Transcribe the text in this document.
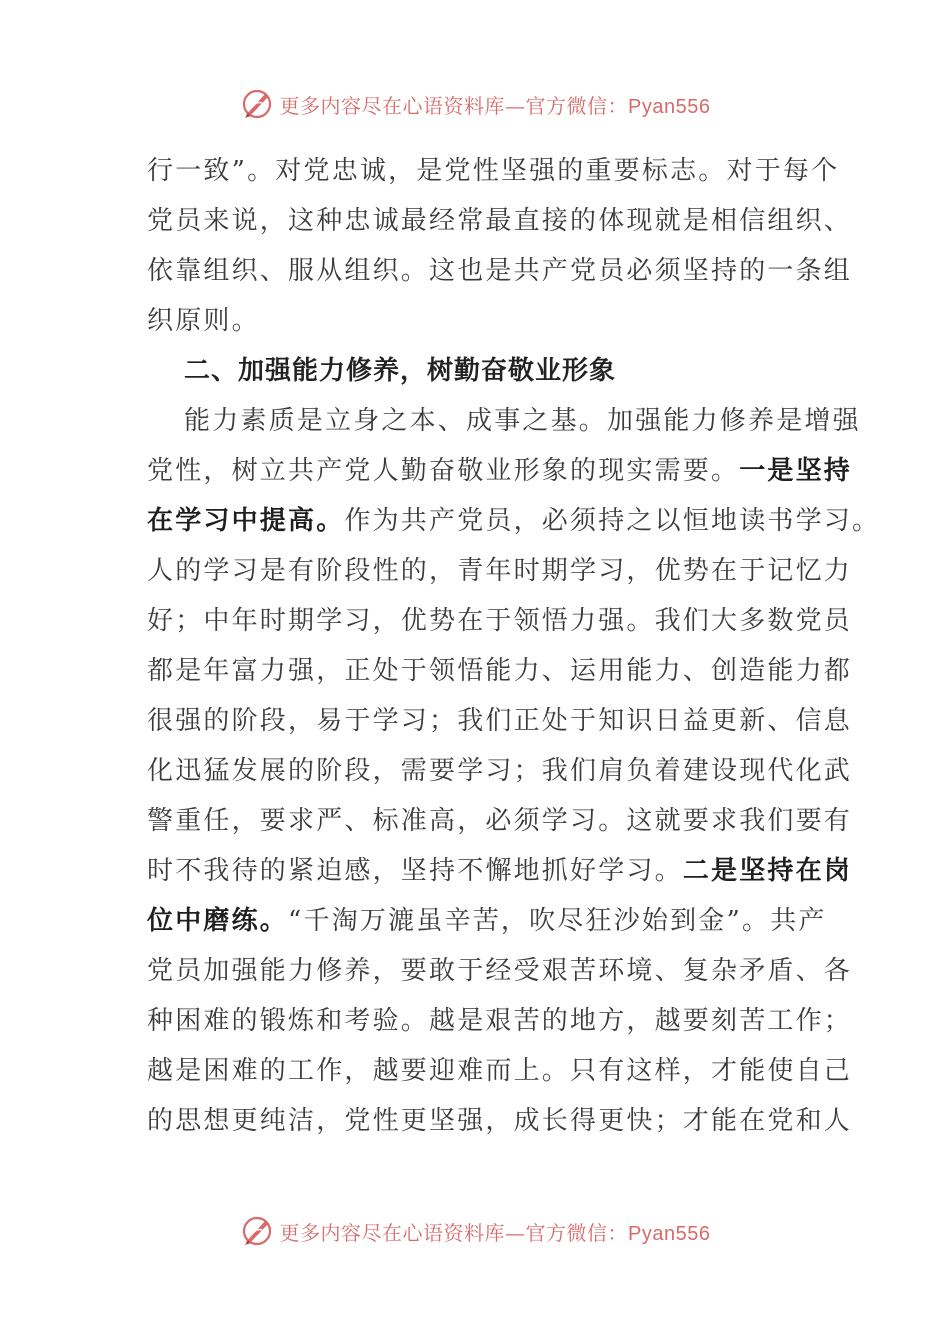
更多内容尽在心语资料库—官方微信：Pyan556
行一致”。对党忠诚，是党性坚强的重要标志。对于每个
党员来说，这种忠诚最经常最直接的体现就是相信组织、
依靠组织、服从组织。这也是共产党员必须坚持的一条组
织原则。
二、加强能力修养，树勤奋敬业形象
能力素质是立身之本、成事之基。加强能力修养是增强
党性，树立共产党人勤奋敬业形象的现实需要。一是坚持
在学习中提高。作为共产党员，必须持之以恒地读书学习。
人的学习是有阶段性的，青年时期学习，优势在于记忆力
好；中年时期学习，优势在于领悟力强。我们大多数党员
都是年富力强，正处于领悟能力、运用能力、创造能力都
很强的阶段，易于学习；我们正处于知识日益更新、信息
化迅猛发展的阶段，需要学习；我们肩负着建设现代化武
警重任，要求严、标准高，必须学习。这就要求我们要有
时不我待的紧迫感，坚持不懈地抓好学习。二是坚持在岗
位中磨练。“千淘万漉虽辛苦，吹尽狂沙始到金”。共产
党员加强能力修养，要敢于经受艰苦环境、复杂矛盾、各
种困难的锻炼和考验。越是艰苦的地方，越要刻苦工作；
越是困难的工作，越要迎难而上。只有这样，才能使自己
的思想更纯洁，党性更坚强，成长得更快；才能在党和人
更多内容尽在心语资料库—官方微信：Pyan556
